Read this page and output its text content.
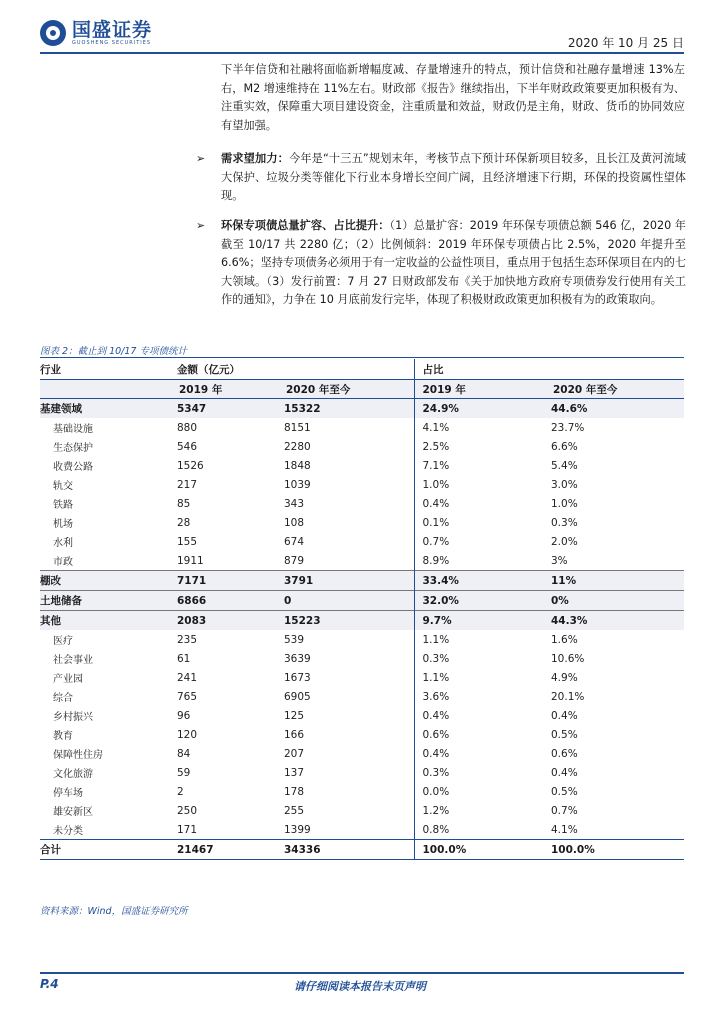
国盛证券
GUOSHENG SECURITIES	2020 年 10 月 25 日

下半年信贷和社融将面临新增幅度减、存量增速升的特点，预计信贷和社融存量增速 13%左右，M2 增速维持在 11%左右。财政部《报告》继续指出，下半年财政政策要更加积极有为、注重实效，保障重大项目建设资金，注重质量和效益，财政仍是主角，财政、货币的协同效应有望加强。

➢ 需求望加力：今年是“十三五”规划末年，考核节点下预计环保新项目较多，且长江及黄河流域大保护、垃圾分类等催化下行业本身增长空间广阔，且经济增速下行期，环保的投资属性望体现。
➢ 环保专项债总量扩容、占比提升：（1）总量扩容：2019 年环保专项债总额 546 亿，2020 年截至 10/17 共 2280 亿；（2）比例倾斜：2019 年环保专项债占比 2.5%，2020 年提升至 6.6%；坚持专项债务必须用于有一定收益的公益性项目，重点用于包括生态环保项目在内的七大领域。（3）发行前置：7 月 27 日财政部发布《关于加快地方政府专项债券发行使用有关工作的通知》，力争在 10 月底前发行完毕，体现了积极财政政策更加积极有为的政策取向。
图表 2：截止到 10/17 专项债统计
行业	金额（亿元）		占比	
	2019 年	2020 年至今	2019 年	2020 年至今
基建领域	5347	15322	24.9%	44.6%
基础设施	880	8151	4.1%	23.7%
生态保护	546	2280	2.5%	6.6%
收费公路	1526	1848	7.1%	5.4%
轨交	217	1039	1.0%	3.0%
铁路	85	343	0.4%	1.0%
机场	28	108	0.1%	0.3%
水利	155	674	0.7%	2.0%
市政	1911	879	8.9%	3%
棚改	7171	3791	33.4%	11%
土地储备	6866	0	32.0%	0%
其他	2083	15223	9.7%	44.3%
医疗	235	539	1.1%	1.6%
社会事业	61	3639	0.3%	10.6%
产业园	241	1673	1.1%	4.9%
综合	765	6905	3.6%	20.1%
乡村振兴	96	125	0.4%	0.4%
教育	120	166	0.6%	0.5%
保障性住房	84	207	0.4%	0.6%
文化旅游	59	137	0.3%	0.4%
停车场	2	178	0.0%	0.5%
雄安新区	250	255	1.2%	0.7%
未分类	171	1399	0.8%	4.1%
合计	21467	34336	100.0%	100.0%
资料来源：Wind，国盛证券研究所
P.4	请仔细阅读本报告末页声明
